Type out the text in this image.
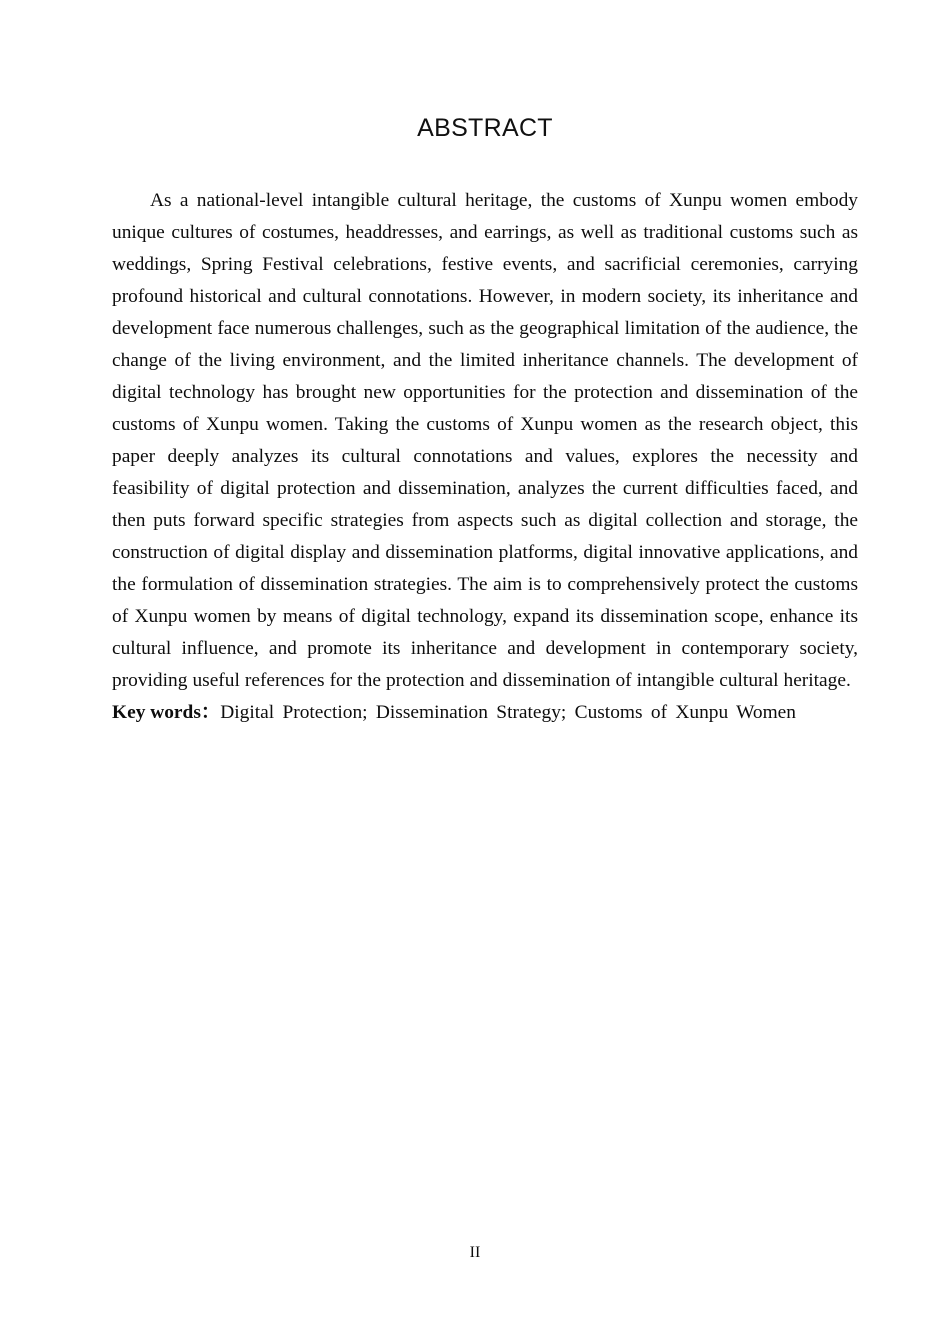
ABSTRACT

As a national-level intangible cultural heritage, the customs of Xunpu women embody unique cultures of costumes, headdresses, and earrings, as well as traditional customs such as weddings, Spring Festival celebrations, festive events, and sacrificial ceremonies, carrying profound historical and cultural connotations. However, in modern society, its inheritance and development face numerous challenges, such as the geographical limitation of the audience, the change of the living environment, and the limited inheritance channels. The development of digital technology has brought new opportunities for the protection and dissemination of the customs of Xunpu women. Taking the customs of Xunpu women as the research object, this paper deeply analyzes its cultural connotations and values, explores the necessity and feasibility of digital protection and dissemination, analyzes the current difficulties faced, and then puts forward specific strategies from aspects such as digital collection and storage, the construction of digital display and dissemination platforms, digital innovative applications, and the formulation of dissemination strategies. The aim is to comprehensively protect the customs of Xunpu women by means of digital technology, expand its dissemination scope, enhance its cultural influence, and promote its inheritance and development in contemporary society, providing useful references for the protection and dissemination of intangible cultural heritage.

Key words：Digital Protection; Dissemination Strategy; Customs of Xunpu Women

II
